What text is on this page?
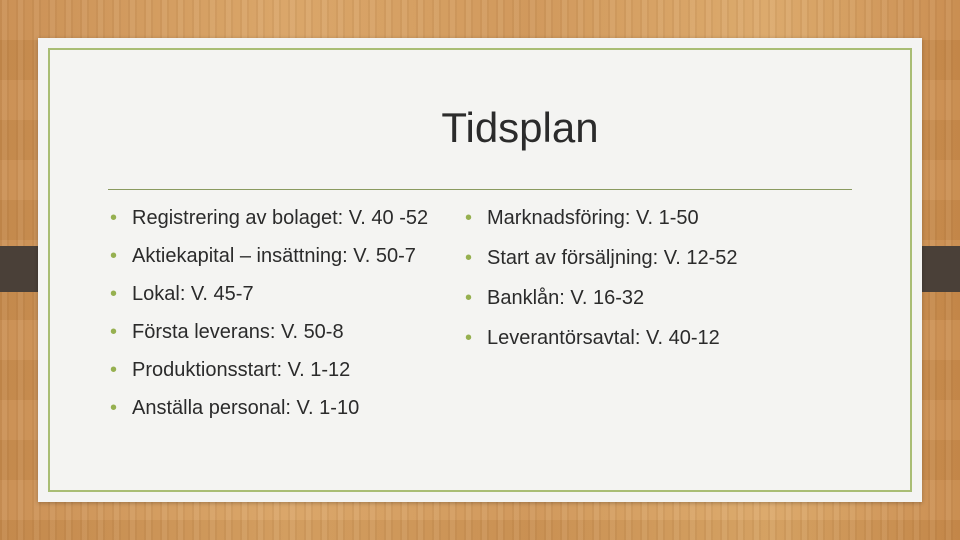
Tidsplan
• Registrering av bolaget: V. 40 -52
• Aktiekapital – insättning: V. 50-7
• Lokal: V. 45-7
• Första leverans: V. 50-8
• Produktionsstart: V. 1-12
• Anställa personal: V. 1-10
• Marknadsföring: V. 1-50
• Start av försäljning: V. 12-52
• Banklån: V. 16-32
• Leverantörsavtal: V. 40-12
